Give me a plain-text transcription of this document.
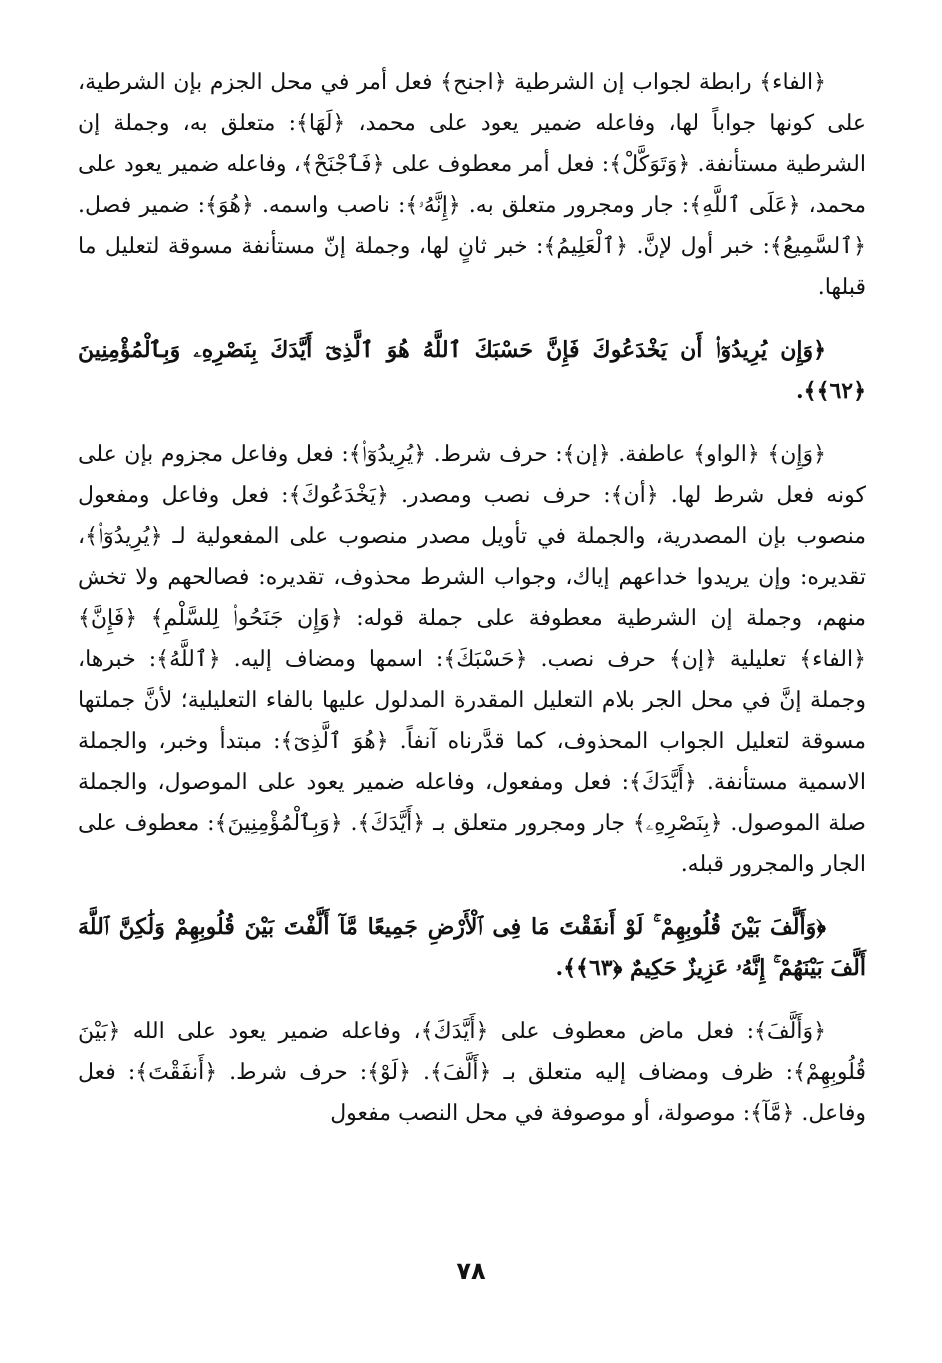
﴿الفاء﴾ رابطة لجواب إن الشرطية ﴿اجنح﴾ فعل أمر في محل الجزم بإن الشرطية، على كونها جواباً لها، وفاعله ضمير يعود على محمد، ﴿لَهَا﴾: متعلق به، وجملة إن الشرطية مستأنفة. ﴿وَتَوَكَّلْ﴾: فعل أمر معطوف على ﴿فَٱجْنَحْ﴾، وفاعله ضمير يعود على محمد، ﴿عَلَى ٱللَّهِ﴾: جار ومجرور متعلق به. ﴿إِنَّهُۥ﴾: ناصب واسمه. ﴿هُوَ﴾: ضمير فصل. ﴿ٱلسَّمِيعُ﴾: خبر أول لإنَّ. ﴿ٱلْعَلِيمُ﴾: خبر ثانٍ لها، وجملة إنّ مستأنفة مسوقة لتعليل ما قبلها.

﴿وَإِن يُرِيدُوٓا۟ أَن يَخْدَعُوكَ فَإِنَّ حَسْبَكَ ٱللَّهُ هُوَ ٱلَّذِىٓ أَيَّدَكَ بِنَصْرِهِۦ وَبِٱلْمُؤْمِنِينَ ﴿٦٢﴾﴾.

﴿وَإِن﴾ ﴿الواو﴾ عاطفة. ﴿إن﴾: حرف شرط. ﴿يُرِيدُوٓا۟﴾: فعل وفاعل مجزوم بإن على كونه فعل شرط لها. ﴿أن﴾: حرف نصب ومصدر. ﴿يَخْدَعُوكَ﴾: فعل وفاعل ومفعول منصوب بإن المصدرية، والجملة في تأويل مصدر منصوب على المفعولية لـ ﴿يُرِيدُوٓا۟﴾، تقديره: وإن يريدوا خداعهم إياك، وجواب الشرط محذوف، تقديره: فصالحهم ولا تخش منهم، وجملة إن الشرطية معطوفة على جملة قوله: ﴿وَإِن جَنَحُوا۟ لِلسَّلْمِ﴾ ﴿فَإِنَّ﴾ ﴿الفاء﴾ تعليلية ﴿إن﴾ حرف نصب. ﴿حَسْبَكَ﴾: اسمها ومضاف إليه. ﴿ٱللَّهُ﴾: خبرها، وجملة إنَّ في محل الجر بلام التعليل المقدرة المدلول عليها بالفاء التعليلية؛ لأنَّ جملتها مسوقة لتعليل الجواب المحذوف، كما قدَّرناه آنفاً. ﴿هُوَ ٱلَّذِىٓ﴾: مبتدأ وخبر، والجملة الاسمية مستأنفة. ﴿أَيَّدَكَ﴾: فعل ومفعول، وفاعله ضمير يعود على الموصول، والجملة صلة الموصول. ﴿بِنَصْرِهِۦ﴾ جار ومجرور متعلق بـ ﴿أَيَّدَكَ﴾. ﴿وَبِٱلْمُؤْمِنِينَ﴾: معطوف على الجار والمجرور قبله.

﴿وَأَلَّفَ بَيْنَ قُلُوبِهِمْ ۚ لَوْ أَنفَقْتَ مَا فِى ٱلْأَرْضِ جَمِيعًا مَّآ أَلَّفْتَ بَيْنَ قُلُوبِهِمْ وَلَٰكِنَّ ٱللَّهَ أَلَّفَ بَيْنَهُمْ ۚ إِنَّهُۥ عَزِيزٌ حَكِيمٌ ﴿٦٣﴾﴾.

﴿وَأَلَّفَ﴾: فعل ماض معطوف على ﴿أَيَّدَكَ﴾، وفاعله ضمير يعود على الله ﴿بَيْنَ قُلُوبِهِمْ﴾: ظرف ومضاف إليه متعلق بـ ﴿أَلَّفَ﴾. ﴿لَوْ﴾: حرف شرط. ﴿أَنفَقْتَ﴾: فعل وفاعل. ﴿مَّآ﴾: موصولة، أو موصوفة في محل النصب مفعول

٧٨
